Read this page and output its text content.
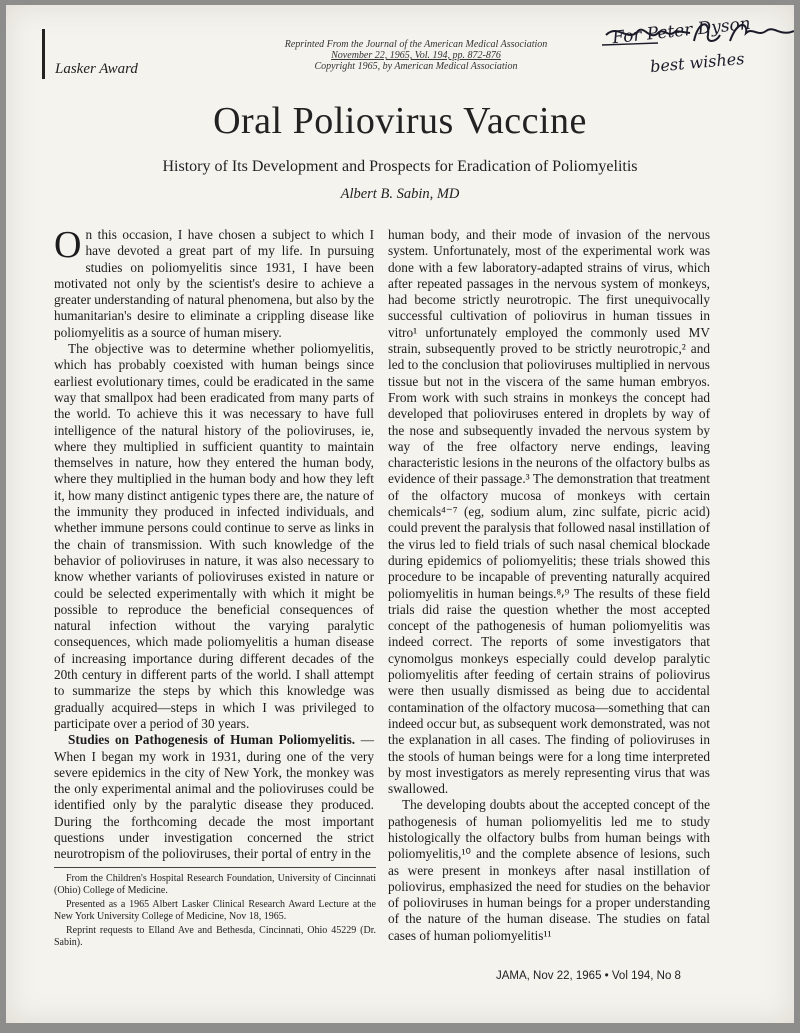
Lasker Award
Reprinted From the Journal of the American Medical Association
November 22, 1965, Vol. 194, pp. 872-876
Copyright 1965, by American Medical Association
For Peter Dyson
best wishes
Oral Poliovirus Vaccine
History of Its Development and Prospects for Eradication of Poliomyelitis
Albert B. Sabin, MD

On this occasion, I have chosen a subject to which I have devoted a great part of my life. In pursuing studies on poliomyelitis since 1931, I have been motivated not only by the scientist's desire to achieve a greater understanding of natural phenomena, but also by the humanitarian's desire to eliminate a crippling disease like poliomyelitis as a source of human misery.

The objective was to determine whether poliomyelitis, which has probably coexisted with human beings since earliest evolutionary times, could be eradicated in the same way that smallpox had been eradicated from many parts of the world. To achieve this it was necessary to have full intelligence of the natural history of the polioviruses, ie, where they multiplied in sufficient quantity to maintain themselves in nature, how they entered the human body, where they multiplied in the human body and how they left it, how many distinct antigenic types there are, the nature of the immunity they produced in infected individuals, and whether immune persons could continue to serve as links in the chain of transmission. With such knowledge of the behavior of polioviruses in nature, it was also necessary to know whether variants of polioviruses existed in nature or could be selected experimentally with which it might be possible to reproduce the beneficial consequences of natural infection without the varying paralytic consequences, which made poliomyelitis a human disease of increasing importance during different decades of the 20th century in different parts of the world. I shall attempt to summarize the steps by which this knowledge was gradually acquired—steps in which I was privileged to participate over a period of 30 years.

Studies on Pathogenesis of Human Poliomyelitis. —When I began my work in 1931, during one of the very severe epidemics in the city of New York, the monkey was the only experimental animal and the polioviruses could be identified only by the paralytic disease they produced. During the forthcoming decade the most important questions under investigation concerned the strict neurotropism of the polioviruses, their portal of entry in the

human body, and their mode of invasion of the nervous system. Unfortunately, most of the experimental work was done with a few laboratory-adapted strains of virus, which after repeated passages in the nervous system of monkeys, had become strictly neurotropic. The first unequivocally successful cultivation of poliovirus in human tissues in vitro¹ unfortunately employed the commonly used MV strain, subsequently proved to be strictly neurotropic,² and led to the conclusion that polioviruses multiplied in nervous tissue but not in the viscera of the same human embryos. From work with such strains in monkeys the concept had developed that polioviruses entered in droplets by way of the nose and subsequently invaded the nervous system by way of the free olfactory nerve endings, leaving characteristic lesions in the neurons of the olfactory bulbs as evidence of their passage.³ The demonstration that treatment of the olfactory mucosa of monkeys with certain chemicals⁴⁻⁷ (eg, sodium alum, zinc sulfate, picric acid) could prevent the paralysis that followed nasal instillation of the virus led to field trials of such nasal chemical blockade during epidemics of poliomyelitis; these trials showed this procedure to be incapable of preventing naturally acquired poliomyelitis in human beings.⁸⸴⁹ The results of these field trials did raise the question whether the most accepted concept of the pathogenesis of human poliomyelitis was indeed correct. The reports of some investigators that cynomolgus monkeys especially could develop paralytic poliomyelitis after feeding of certain strains of poliovirus were then usually dismissed as being due to accidental contamination of the olfactory mucosa—something that can indeed occur but, as subsequent work demonstrated, was not the explanation in all cases. The finding of polioviruses in the stools of human beings were for a long time interpreted by most investigators as merely representing virus that was swallowed.

The developing doubts about the accepted concept of the pathogenesis of human poliomyelitis led me to study histologically the olfactory bulbs from human beings with poliomyelitis,¹⁰ and the complete absence of lesions, such as were present in monkeys after nasal instillation of poliovirus, emphasized the need for studies on the behavior of polioviruses in human beings for a proper understanding of the nature of the human disease. The studies on fatal cases of human poliomyelitis¹¹

From the Children's Hospital Research Foundation, University of Cincinnati (Ohio) College of Medicine.

Presented as a 1965 Albert Lasker Clinical Research Award Lecture at the New York University College of Medicine, Nov 18, 1965.

Reprint requests to Elland Ave and Bethesda, Cincinnati, Ohio 45229 (Dr. Sabin).

JAMA, Nov 22, 1965 • Vol 194, No 8
